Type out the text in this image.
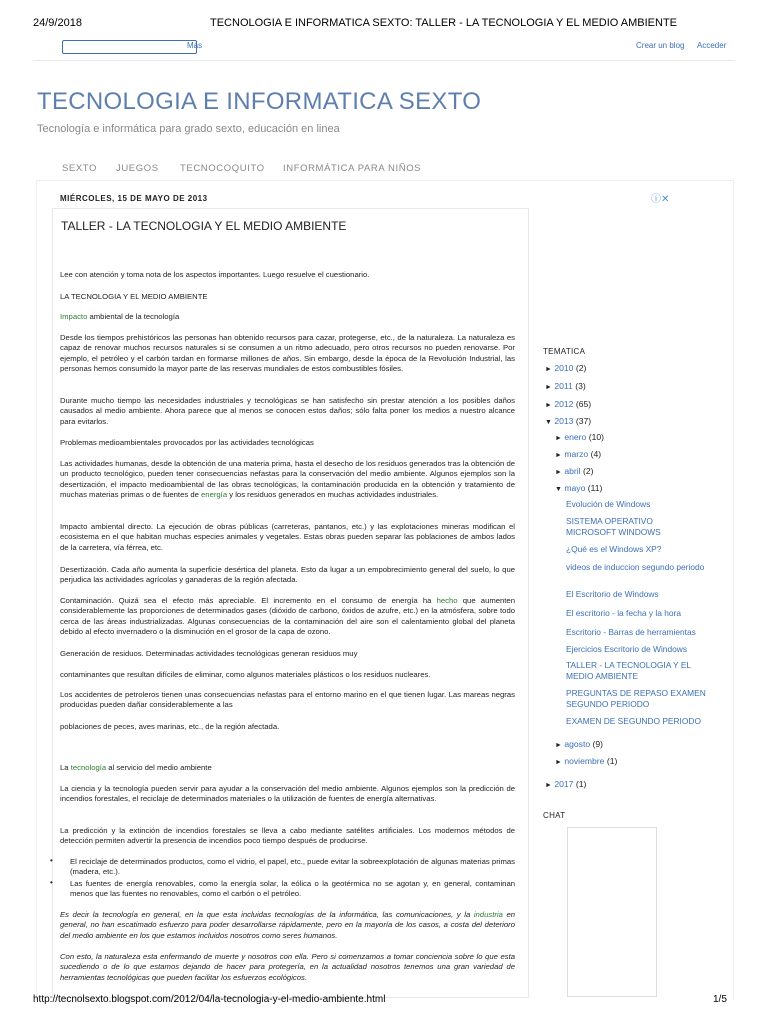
24/9/2018	TECNOLOGIA E INFORMATICA SEXTO: TALLER - LA TECNOLOGIA Y EL MEDIO AMBIENTE
Más	Crear un blog Acceder
TECNOLOGIA E INFORMATICA SEXTO
Tecnología e informática para grado sexto, educación en linea
SEXTO JUEGOS TECNOCOQUITO INFORMÁTICA PARA NIÑOS
MIÉRCOLES, 15 DE MAYO DE 2013	ⓘ✕
TALLER - LA TECNOLOGIA Y EL MEDIO AMBIENTE
Lee con atención y toma nota de los aspectos importantes. Luego resuelve el cuestionario.
LA TECNOLOGIA Y EL MEDIO AMBIENTE
Impacto ambiental de la tecnología
Desde los tiempos prehistóricos las personas han obtenido recursos para cazar, protegerse, etc., de la naturaleza. La naturaleza es capaz de renovar muchos recursos naturales si se consumen a un ritmo adecuado, pero otros recursos no pueden renovarse. Por ejemplo, el petróleo y el carbón tardan en formarse millones de años. Sin embargo, desde la época de la Revolución Industrial, las personas hemos consumido la mayor parte de las reservas mundiales de estos combustibles fósiles.
Durante mucho tiempo las necesidades industriales y tecnológicas se han satisfecho sin prestar atención a los posibles daños causados al medio ambiente. Ahora parece que al menos se conocen estos daños; sólo falta poner los medios a nuestro alcance para evitarlos.
Problemas medioambientales provocados por las actividades tecnológicas
Las actividades humanas, desde la obtención de una materia prima, hasta el desecho de los residuos generados tras la obtención de un producto tecnológico, pueden tener consecuencias nefastas para la conservación del medio ambiente. Algunos ejemplos son la desertización, el impacto medioambiental de las obras tecnológicas, la contaminación producida en la obtención y tratamiento de muchas materias primas o de fuentes de energía y los residuos generados en muchas actividades industriales.
Impacto ambiental directo. La ejecución de obras públicas (carreteras, pantanos, etc.) y las explotaciones mineras modifican el ecosistema en el que habitan muchas especies animales y vegetales. Estas obras pueden separar las poblaciones de ambos lados de la carretera, vía férrea, etc.
Desertización. Cada año aumenta la superficie desértica del planeta. Esto da lugar a un empobrecimiento general del suelo, lo que perjudica las actividades agrícolas y ganaderas de la región afectada.
Contaminación. Quizá sea el efecto más apreciable. El incremento en el consumo de energía ha hecho que aumenten considerablemente las proporciones de determinados gases (dióxido de carbono, óxidos de azufre, etc.) en la atmósfera, sobre todo cerca de las áreas industrializadas. Algunas consecuencias de la contaminación del aire son el calentamiento global del planeta debido al efecto invernadero o la disminución en el grosor de la capa de ozono.
Generación de residuos. Determinadas actividades tecnológicas generan residuos muy
contaminantes que resultan difíciles de eliminar, como algunos materiales plásticos o los residuos nucleares.
Los accidentes de petroleros tienen unas consecuencias nefastas para el entorno marino en el que tienen lugar. Las mareas negras producidas pueden dañar considerablemente a las
poblaciones de peces, aves marinas, etc., de la región afectada.
La tecnología al servicio del medio ambiente
La ciencia y la tecnología pueden servir para ayudar a la conservación del medio ambiente. Algunos ejemplos son la predicción de incendios forestales, el reciclaje de determinados materiales o la utilización de fuentes de energía alternativas.
La predicción y la extinción de incendios forestales se lleva a cabo mediante satélites artificiales. Los modernos métodos de detección permiten advertir la presencia de incendios poco tiempo después de producirse.
• El reciclaje de determinados productos, como el vidrio, el papel, etc., puede evitar la sobreexplotación de algunas materias primas (madera, etc.).
• Las fuentes de energía renovables, como la energía solar, la eólica o la geotérmica no se agotan y, en general, contaminan menos que las fuentes no renovables, como el carbón o el petróleo.
Es decir la tecnología en general, en la que esta incluidas tecnologías de la informática, las comunicaciones, y la industria en general, no han escatimado esfuerzo para poder desarrollarse rápidamente, pero en la mayoría de los casos, a costa del deterioro del medio ambiente en los que estamos incluidos nosotros como seres humanos.
Con esto, la naturaleza esta enfermando de muerte y nosotros con ella. Pero si comenzamos a tomar conciencia sobre lo que esta sucediendo o de lo que estamos dejando de hacer para protegería, en la actualidad nosotros tenemos una gran variedad de herramientas tecnológicas que pueden facilitar los esfuerzos ecológicos.
TEMATICA
► 2010 (2)
► 2011 (3)
► 2012 (65)
▼ 2013 (37)
► enero (10)
► marzo (4)
► abril (2)
▼ mayo (11)
Evolución de Windows
SISTEMA OPERATIVO MICROSOFT WINDOWS
¿Qué es el Windows XP?
videos de induccion segundo periodo
El Escritorio de Windows
El escritorio - la fecha y la hora
Escritorio - Barras de herramientas
Ejercicios Escritorio de Windows
TALLER - LA TECNOLOGIA Y EL MEDIO AMBIENTE
PREGUNTAS DE REPASO EXAMEN SEGUNDO PERIODO
EXAMEN DE SEGUNDO PERIODO
► agosto (9)
► noviembre (1)
► 2017 (1)
CHAT
http://tecnolsexto.blogspot.com/2012/04/la-tecnologia-y-el-medio-ambiente.html	1/5
